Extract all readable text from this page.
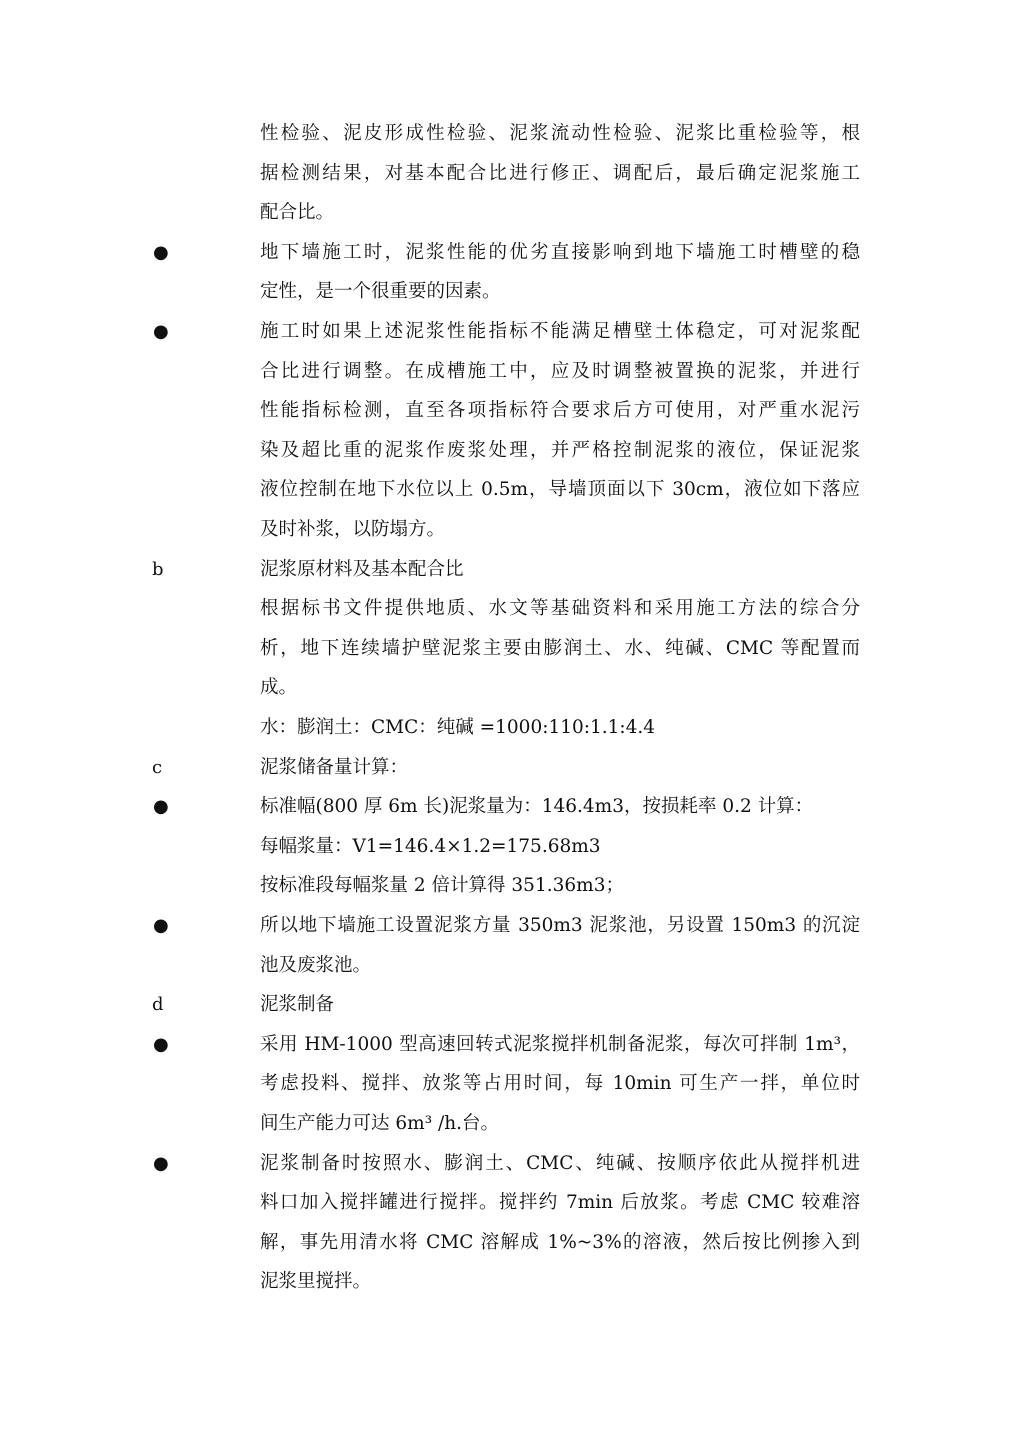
性检验、泥皮形成性检验、泥浆流动性检验、泥浆比重检验等，根
据检测结果，对基本配合比进行修正、调配后，最后确定泥浆施工
配合比。
●	地下墙施工时，泥浆性能的优劣直接影响到地下墙施工时槽壁的稳
定性，是一个很重要的因素。
●	施工时如果上述泥浆性能指标不能满足槽壁土体稳定，可对泥浆配
合比进行调整。在成槽施工中，应及时调整被置换的泥浆，并进行
性能指标检测，直至各项指标符合要求后方可使用，对严重水泥污
染及超比重的泥浆作废浆处理，并严格控制泥浆的液位，保证泥浆
液位控制在地下水位以上 0.5m，导墙顶面以下 30cm，液位如下落应
及时补浆，以防塌方。
b	泥浆原材料及基本配合比
根据标书文件提供地质、水文等基础资料和采用施工方法的综合分
析，地下连续墙护壁泥浆主要由膨润土、水、纯碱、CMC 等配置而
成。
水：膨润土：CMC：纯碱 =1000:110:1.1:4.4
c	泥浆储备量计算：
●	标准幅(800 厚 6m 长)泥浆量为：146.4m3，按损耗率 0.2 计算：
每幅浆量：V1=146.4×1.2=175.68m3
按标准段每幅浆量 2 倍计算得 351.36m3；
●	所以地下墙施工设置泥浆方量 350m3 泥浆池，另设置 150m3 的沉淀
池及废浆池。
d	泥浆制备
●	采用 HM-1000 型高速回转式泥浆搅拌机制备泥浆，每次可拌制 1m³，
考虑投料、搅拌、放浆等占用时间，每 10min 可生产一拌，单位时
间生产能力可达 6m³ /h.台。
●	泥浆制备时按照水、膨润土、CMC、纯碱、按顺序依此从搅拌机进
料口加入搅拌罐进行搅拌。搅拌约 7min 后放浆。考虑 CMC 较难溶
解，事先用清水将 CMC 溶解成 1%~3%的溶液，然后按比例掺入到
泥浆里搅拌。
